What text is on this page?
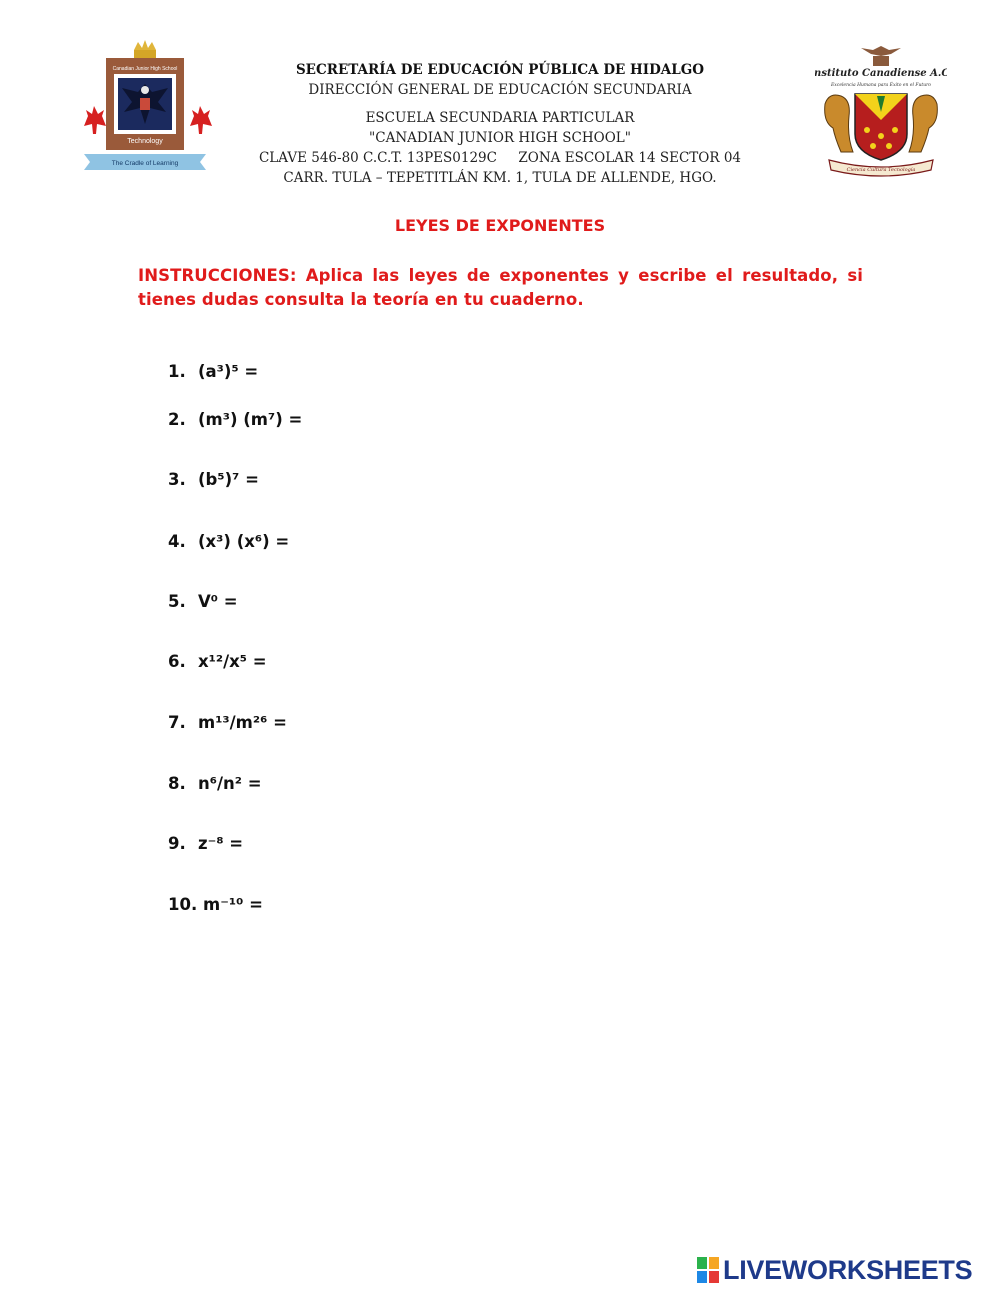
Canadian Junior High School
Technology
The Cradle of Learning
SECRETARÍA DE EDUCACIÓN PÚBLICA DE HIDALGO
DIRECCIÓN GENERAL DE EDUCACIÓN SECUNDARIA
ESCUELA SECUNDARIA PARTICULAR
"CANADIAN JUNIOR HIGH SCHOOL"
CLAVE 546-80 C.C.T. 13PES0129C     ZONA ESCOLAR 14 SECTOR 04
CARR. TULA – TEPETITLÁN KM. 1, TULA DE ALLENDE, HGO.
Instituto Canadiense A.C.
Excelencia Humana para Éxito en el Futuro
Ciencia Cultura Tecnología
LEYES DE EXPONENTES
INSTRUCCIONES: Aplica las leyes de exponentes y escribe el resultado, si tienes dudas consulta la teoría en tu cuaderno.
1. (a³)⁵ =
2. (m³) (m⁷) =
3. (b⁵)⁷ =
4. (x³) (x⁶) =
5. V⁰ =
6. x¹²/x⁵ =
7. m¹³/m²⁶ =
8. n⁶/n² =
9. z⁻⁸ =
10. m⁻¹⁰ =
LIVEWORKSHEETS
